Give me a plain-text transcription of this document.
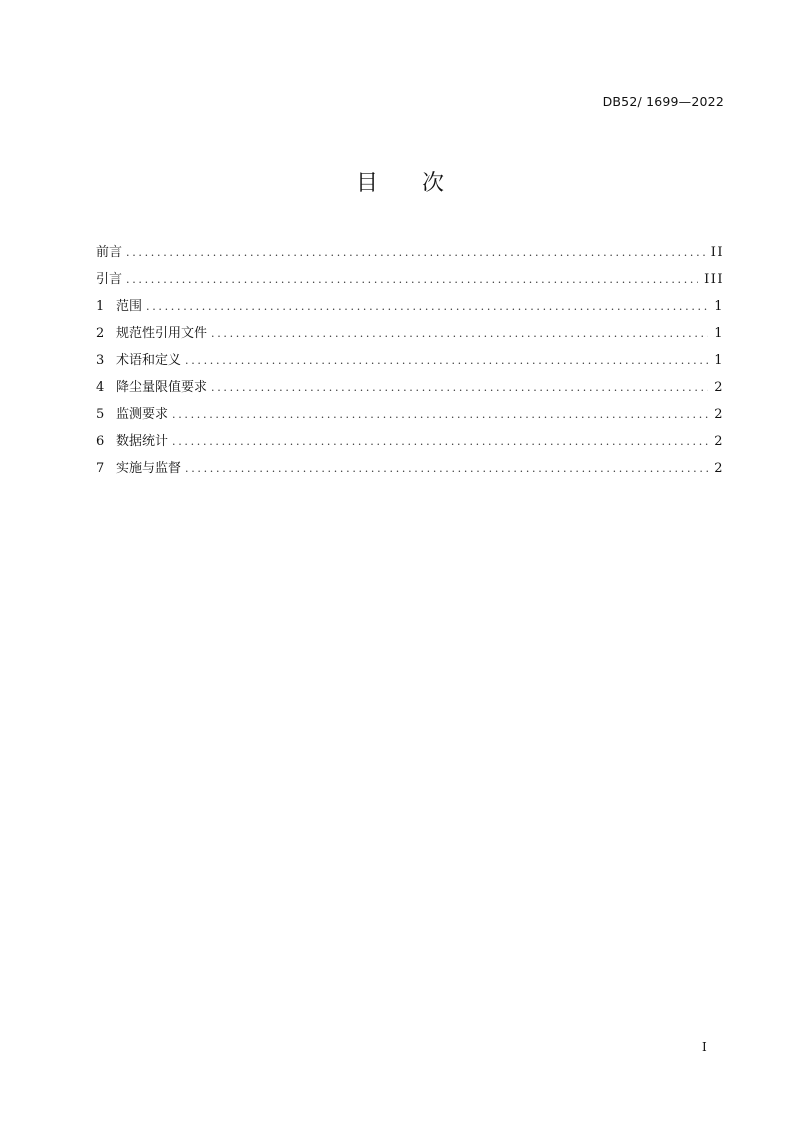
DB52/ 1699—2022
目 次
前言 .....	II
引言 .....	III
1 范围 .....	1
2 规范性引用文件 .....	1
3 术语和定义 .....	1
4 降尘量限值要求 .....	2
5 监测要求 .....	2
6 数据统计 .....	2
7 实施与监督 .....	2
I
